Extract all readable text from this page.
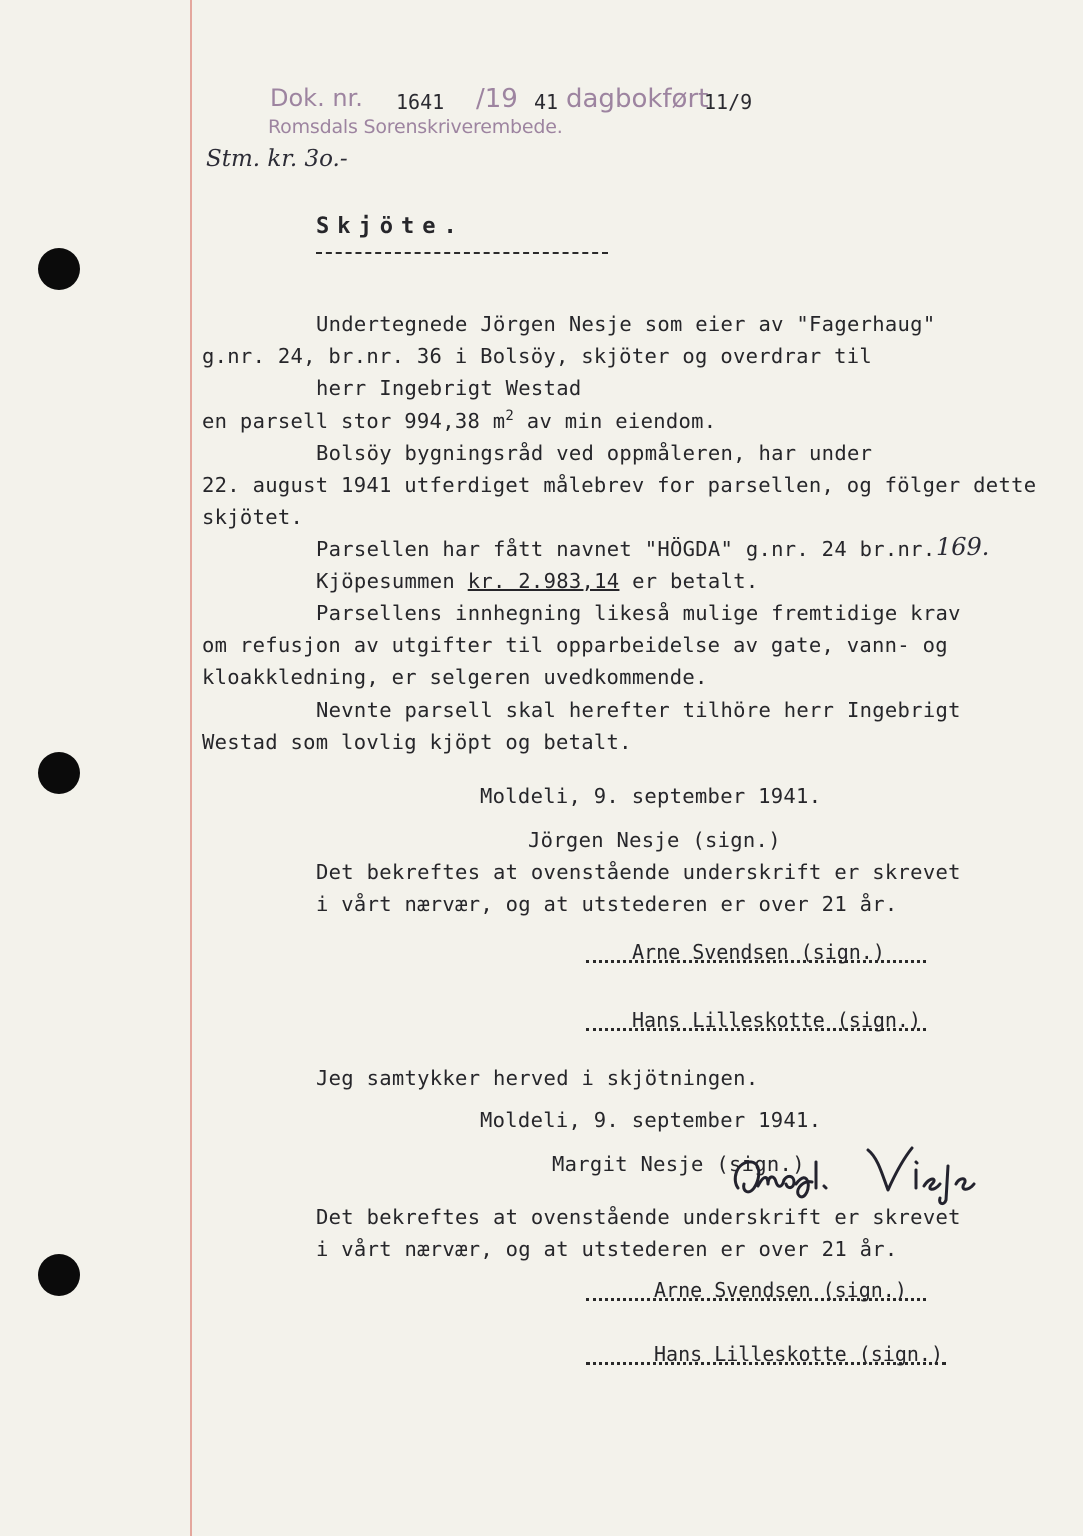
Dok. nr. 1641 /19 41 dagbokført
11/9
Romsdals Sorenskriverembede.
Stm. kr. 3o.-
Skjöte.
Undertegnede Jörgen Nesje som eier av "Fagerhaug"
g.nr. 24, br.nr. 36 i Bolsöy, skjöter og overdrar til
herr Ingebrigt Westad
en parsell stor 994,38 $m^2$ av min eiendom.
Bolsöy bygningsråd ved oppmåleren, har under
22. august 1941 utferdiget målebrev for parsellen, og fölger dette
skjötet.
Parsellen har fått navnet "HÖGDA" g.nr. 24 br.nr. 169.
Kjöpesummen kr. 2.983,14 er betalt.
Parsellens innhegning likeså mulige fremtidige krav
om refusjon av utgifter til opparbeidelse av gate, vann- og
kloakkledning, er selgeren uvedkommende.
Nevnte parsell skal herefter tilhöre herr Ingebrigt
Westad som lovlig kjöpt og betalt.
Moldeli, 9. september 1941.
Jörgen Nesje (sign.)
Det bekreftes at ovenstående underskrift er skrevet
i vårt nærvær, og at utstederen er over 21 år.
Arne Svendsen (sign.)
Hans Lilleskotte (sign.)
Jeg samtykker herved i skjötningen.
Moldeli, 9. september 1941.
Margit Nesje (sign.)
Det bekreftes at ovenstående underskrift er skrevet
i vårt nærvær, og at utstederen er over 21 år.
Arne Svendsen (sign.)
Hans Lilleskotte (sign.)
